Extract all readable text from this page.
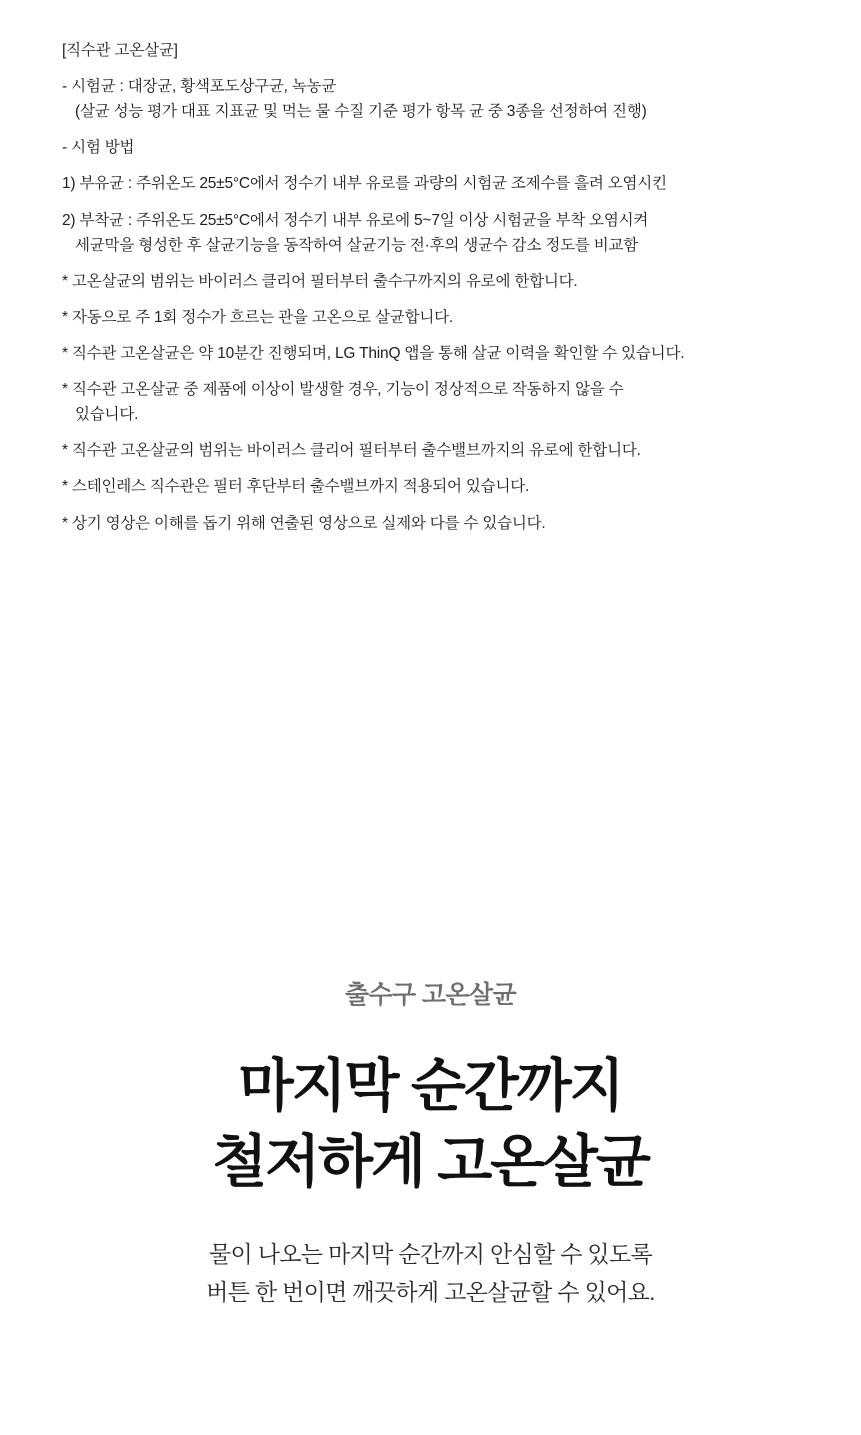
[직수관 고온살균]
- 시험균 : 대장균, 황색포도상구균, 녹농균
(살균 성능 평가 대표 지표균 및 먹는 물 수질 기준 평가 항목 균 중 3종을 선정하여 진행)
- 시험 방법
1) 부유균 : 주위온도 25±5°C에서 정수기 내부 유로를 과량의 시험균 조제수를 흘려 오염시킨
2) 부착균 : 주위온도 25±5°C에서 정수기 내부 유로에 5~7일 이상 시험균을 부착 오염시켜
세균막을 형성한 후 살균기능을 동작하여 살균기능 전·후의 생균수 감소 정도를 비교함
* 고온살균의 범위는 바이러스 클리어 필터부터 출수구까지의 유로에 한합니다.
* 자동으로 주 1회 정수가 흐르는 관을 고온으로 살균합니다.
* 직수관 고온살균은 약 10분간 진행되며, LG ThinQ 앱을 통해 살균 이력을 확인할 수 있습니다.
* 직수관 고온살균 중 제품에 이상이 발생할 경우, 기능이 정상적으로 작동하지 않을 수
있습니다.
* 직수관 고온살균의 범위는 바이러스 클리어 필터부터 출수밸브까지의 유로에 한합니다.
* 스테인레스 직수관은 필터 후단부터 출수밸브까지 적용되어 있습니다.
* 상기 영상은 이해를 돕기 위해 연출된 영상으로 실제와 다를 수 있습니다.
출수구 고온살균
마지막 순간까지
철저하게 고온살균

물이 나오는 마지막 순간까지 안심할 수 있도록
버튼 한 번이면 깨끗하게 고온살균할 수 있어요.
